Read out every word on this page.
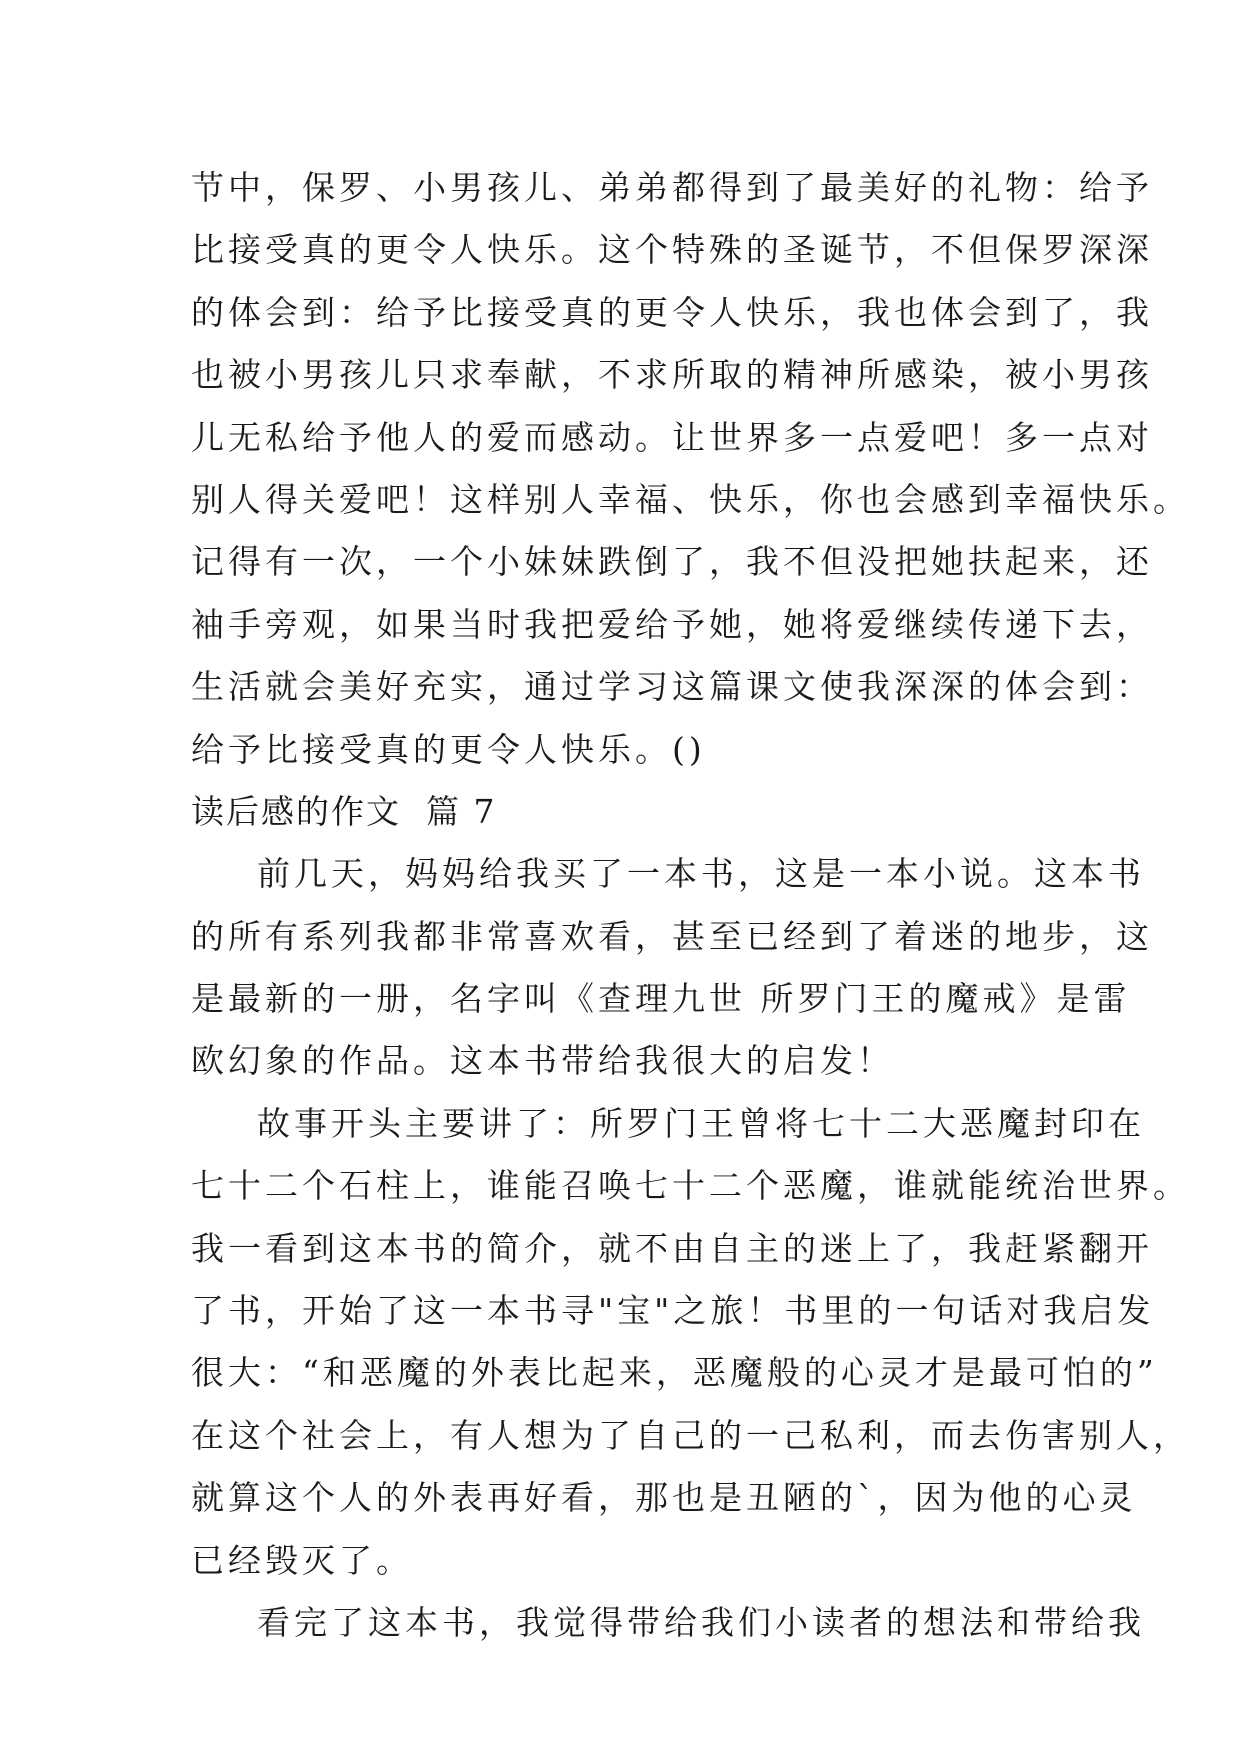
节中，保罗、小男孩儿、弟弟都得到了最美好的礼物：给予
比接受真的更令人快乐。这个特殊的圣诞节，不但保罗深深
的体会到：给予比接受真的更令人快乐，我也体会到了，我
也被小男孩儿只求奉献，不求所取的精神所感染，被小男孩
儿无私给予他人的爱而感动。让世界多一点爱吧！多一点对
别人得关爱吧！这样别人幸福、快乐，你也会感到幸福快乐。
记得有一次，一个小妹妹跌倒了，我不但没把她扶起来，还
袖手旁观，如果当时我把爱给予她，她将爱继续传递下去，
生活就会美好充实，通过学习这篇课文使我深深的体会到：
给予比接受真的更令人快乐。()
读后感的作文  篇 7
前几天，妈妈给我买了一本书，这是一本小说。这本书
的所有系列我都非常喜欢看，甚至已经到了着迷的地步，这
是最新的一册，名字叫《查理九世 所罗门王的魔戒》是雷
欧幻象的作品。这本书带给我很大的启发！
故事开头主要讲了：所罗门王曾将七十二大恶魔封印在
七十二个石柱上，谁能召唤七十二个恶魔，谁就能统治世界。
我一看到这本书的简介，就不由自主的迷上了，我赶紧翻开
了书，开始了这一本书寻"宝"之旅！书里的一句话对我启发
很大：“和恶魔的外表比起来，恶魔般的心灵才是最可怕的”
在这个社会上，有人想为了自己的一己私利，而去伤害别人，
就算这个人的外表再好看，那也是丑陋的`，因为他的心灵
已经毁灭了。
看完了这本书，我觉得带给我们小读者的想法和带给我
